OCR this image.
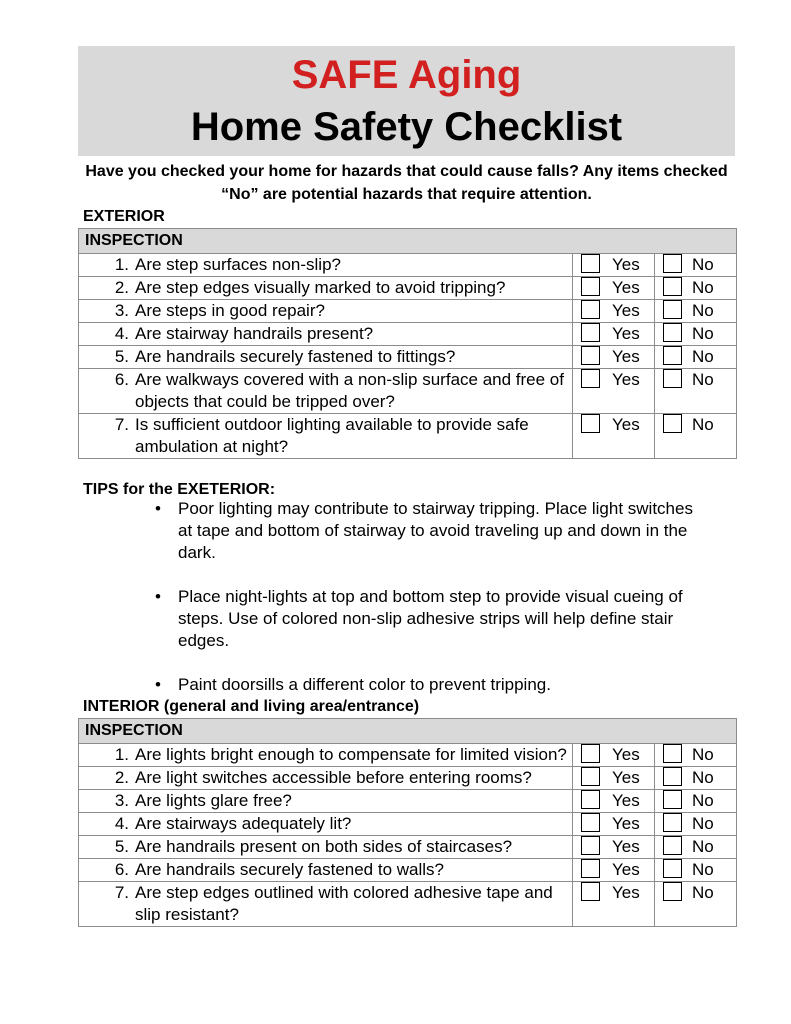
SAFE Aging
Home Safety Checklist
Have you checked your home for hazards that could cause falls? Any items checked “No” are potential hazards that require attention.
EXTERIOR
INSPECTION		

1. Are step surfaces non-slip?	Yes	No

2. Are step edges visually marked to avoid tripping?	Yes	No

3. Are steps in good repair?	Yes	No

4. Are stairway handrails present?	Yes	No

5. Are handrails securely fastened to fittings?	Yes	No

6. Are walkways covered with a non-slip surface and free of objects that could be tripped over?	Yes	No

7. Is sufficient outdoor lighting available to provide safe ambulation at night?	Yes	No
INTERIOR (general and living area/entrance)
INSPECTION		

1. Are lights bright enough to compensate for limited vision?	Yes	No

2. Are light switches accessible before entering rooms?	Yes	No

3. Are lights glare free?	Yes	No

4. Are stairways adequately lit?	Yes	No

5. Are handrails present on both sides of staircases?	Yes	No

6. Are handrails securely fastened to walls?	Yes	No

7. Are step edges outlined with colored adhesive tape and slip resistant?	Yes	No
TIPS for the EXETERIOR:
• Poor lighting may contribute to stairway tripping. Place light switches at tape and bottom of stairway to avoid traveling up and down in the dark.
• Place night-lights at top and bottom step to provide visual cueing of steps. Use of colored non-slip adhesive strips will help define stair edges.
• Paint doorsills a different color to prevent tripping.
